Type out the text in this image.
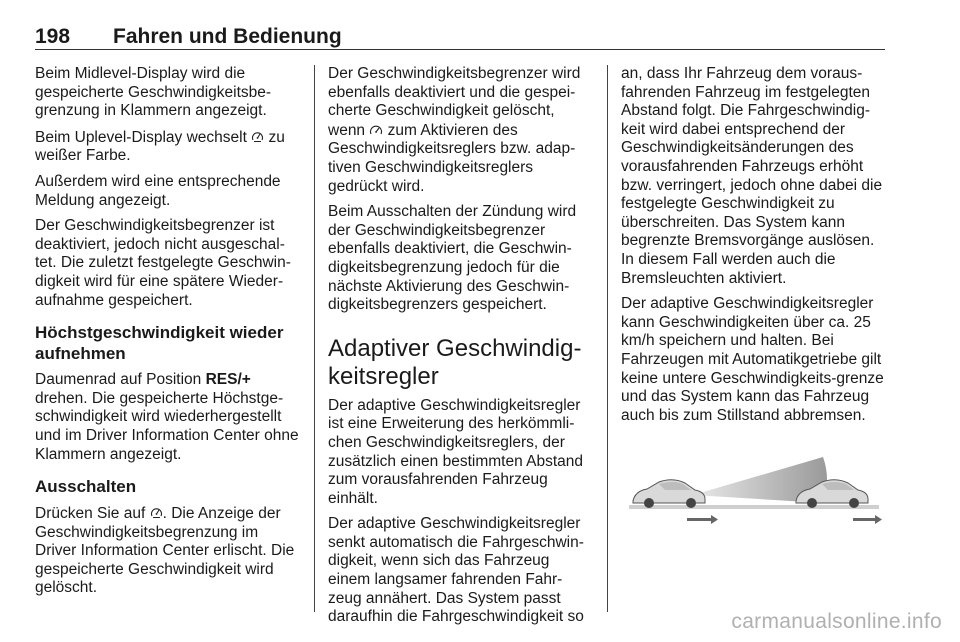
198 Fahren und Bedienung

Beim Midlevel-Display wird die gespeicherte Geschwindigkeitsbe-grenzung in Klammern angezeigt.

Beim Uplevel-Display wechselt  zu weißer Farbe.

Außerdem wird eine entsprechende Meldung angezeigt.

Der Geschwindigkeitsbegrenzer ist deaktiviert, jedoch nicht ausgeschal-tet. Die zuletzt festgelegte Geschwin-digkeit wird für eine spätere Wieder-aufnahme gespeichert.

Höchstgeschwindigkeit wieder aufnehmen

Daumenrad auf Position RES/+ drehen. Die gespeicherte Höchstge-schwindigkeit wird wiederhergestellt und im Driver Information Center ohne Klammern angezeigt.

Ausschalten

Drücken Sie auf . Die Anzeige der Geschwindigkeitsbegrenzung im Driver Information Center erlischt. Die gespeicherte Geschwindigkeit wird gelöscht.

Der Geschwindigkeitsbegrenzer wird ebenfalls deaktiviert und die gespei-cherte Geschwindigkeit gelöscht, wenn  zum Aktivieren des Geschwindigkeitsreglers bzw. adap-tiven Geschwindigkeitsreglers gedrückt wird.

Beim Ausschalten der Zündung wird der Geschwindigkeitsbegrenzer ebenfalls deaktiviert, die Geschwin-digkeitsbegrenzung jedoch für die nächste Aktivierung des Geschwin-digkeitsbegrenzers gespeichert.

Adaptiver Geschwindig-keitsregler

Der adaptive Geschwindigkeitsregler ist eine Erweiterung des herkömmli-chen Geschwindigkeitsreglers, der zusätzlich einen bestimmten Abstand zum vorausfahrenden Fahrzeug einhält.

Der adaptive Geschwindigkeitsregler senkt automatisch die Fahrgeschwin-digkeit, wenn sich das Fahrzeug einem langsamer fahrenden Fahr-zeug annähert. Das System passt daraufhin die Fahrgeschwindigkeit so

an, dass Ihr Fahrzeug dem voraus-fahrenden Fahrzeug im festgelegten Abstand folgt. Die Fahrgeschwindig-keit wird dabei entsprechend der Geschwindigkeitsänderungen des vorausfahrenden Fahrzeugs erhöht bzw. verringert, jedoch ohne dabei die festgelegte Geschwindigkeit zu überschreiten. Das System kann begrenzte Bremsvorgänge auslösen. In diesem Fall werden auch die Bremsleuchten aktiviert.

Der adaptive Geschwindigkeitsregler kann Geschwindigkeiten über ca. 25 km/h speichern und halten. Bei Fahrzeugen mit Automatikgetriebe gilt keine untere Geschwindigkeits-grenze und das System kann das Fahrzeug auch bis zum Stillstand abbremsen.

carmanualsonline.info
